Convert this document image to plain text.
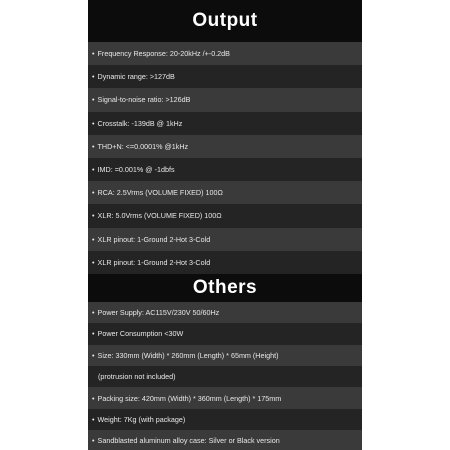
Output
• Frequency Response: 20-20kHz /+-0.2dB
• Dynamic range: >127dB
• Signal-to-noise ratio: >126dB
• Crosstalk: -139dB @ 1kHz
• THD+N: <=0.0001% @1kHz
• IMD: =0.001% @ -1dbfs
• RCA: 2.5Vrms (VOLUME FIXED) 100Ω
• XLR: 5.0Vrms (VOLUME FIXED) 100Ω
• XLR pinout: 1-Ground 2-Hot 3-Cold
• XLR pinout: 1-Ground 2-Hot 3-Cold
Others
• Power Supply: AC115V/230V 50/60Hz
• Power Consumption <30W
• Size: 330mm (Width) * 260mm (Length) * 65mm (Height)
(protrusion not included)
• Packing size: 420mm (Width) * 360mm (Length) * 175mm
• Weight: 7Kg (with package)
• Sandblasted aluminum alloy case: Silver or Black version
